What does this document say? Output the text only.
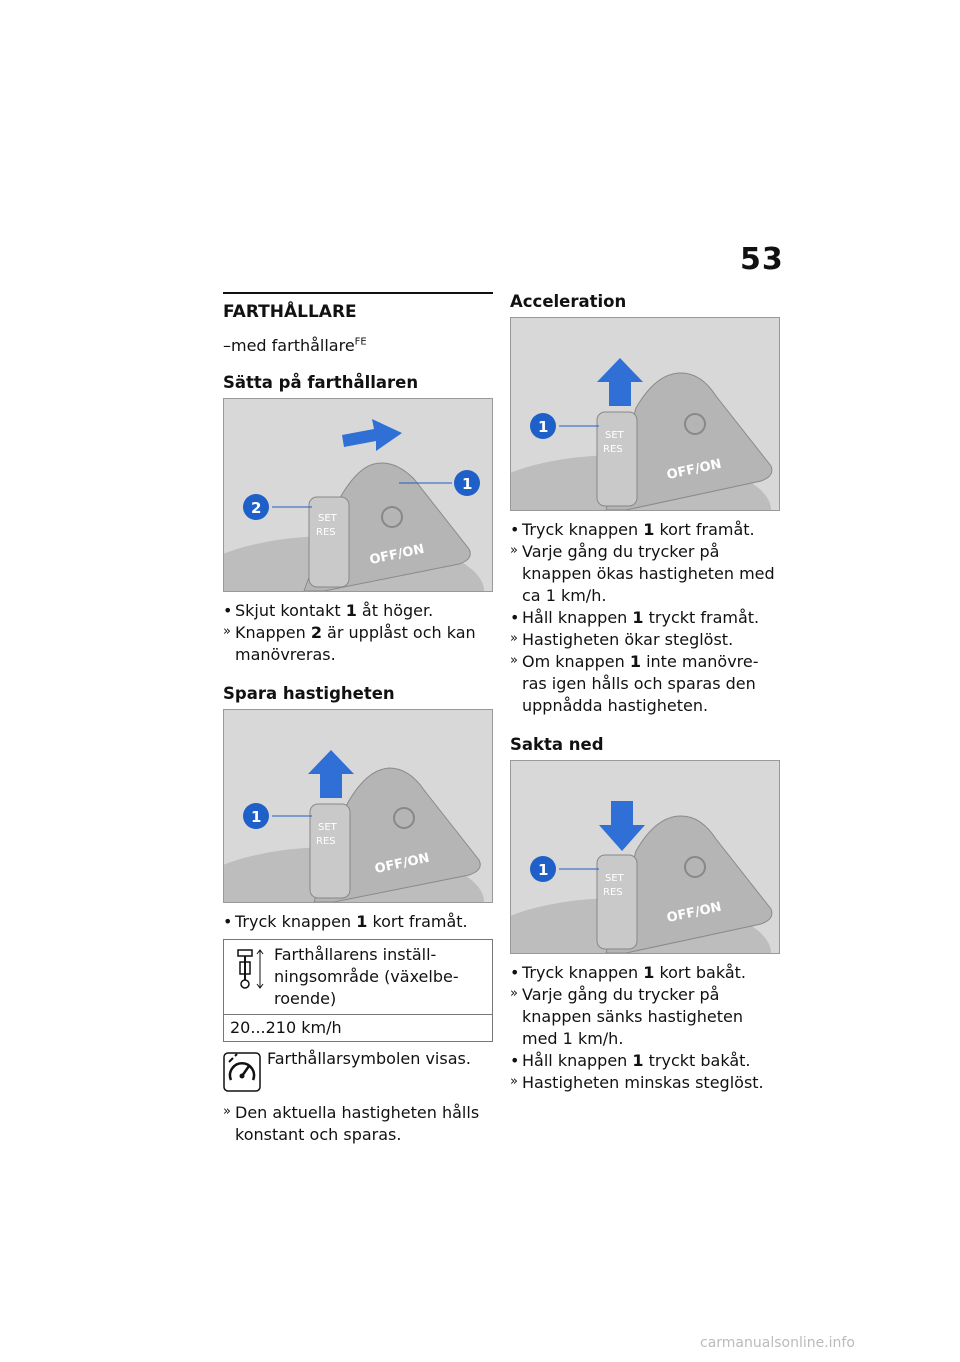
53
FARTHÅLLARE
–med farthållare$^{FE}$
Sätta på farthållaren
SET
RES
OFF/ON
2
1
• Skjut kontakt 1 åt höger.
» Knappen 2 är upplåst och kan manövreras.
Spara hastigheten
SET
RES
OFF/ON
1
• Tryck knappen 1 kort framåt.
Farthållarens inställ-ningsområde (växelbe-roende)
20...210 km/h
Farthållarsymbolen visas.
» Den aktuella hastigheten hålls konstant och sparas.
Acceleration
SET
RES
OFF/ON
1
• Tryck knappen 1 kort framåt.
» Varje gång du trycker på knappen ökas hastigheten med ca 1 km/h.
• Håll knappen 1 tryckt framåt.
» Hastigheten ökar steglöst.
» Om knappen 1 inte manövre-ras igen hålls och sparas den uppnådda hastigheten.
Sakta ned
SET
RES
OFF/ON
1
• Tryck knappen 1 kort bakåt.
» Varje gång du trycker på knappen sänks hastigheten med 1 km/h.
• Håll knappen 1 tryckt bakåt.
» Hastigheten minskas steglöst.
carmanualsonline.info
